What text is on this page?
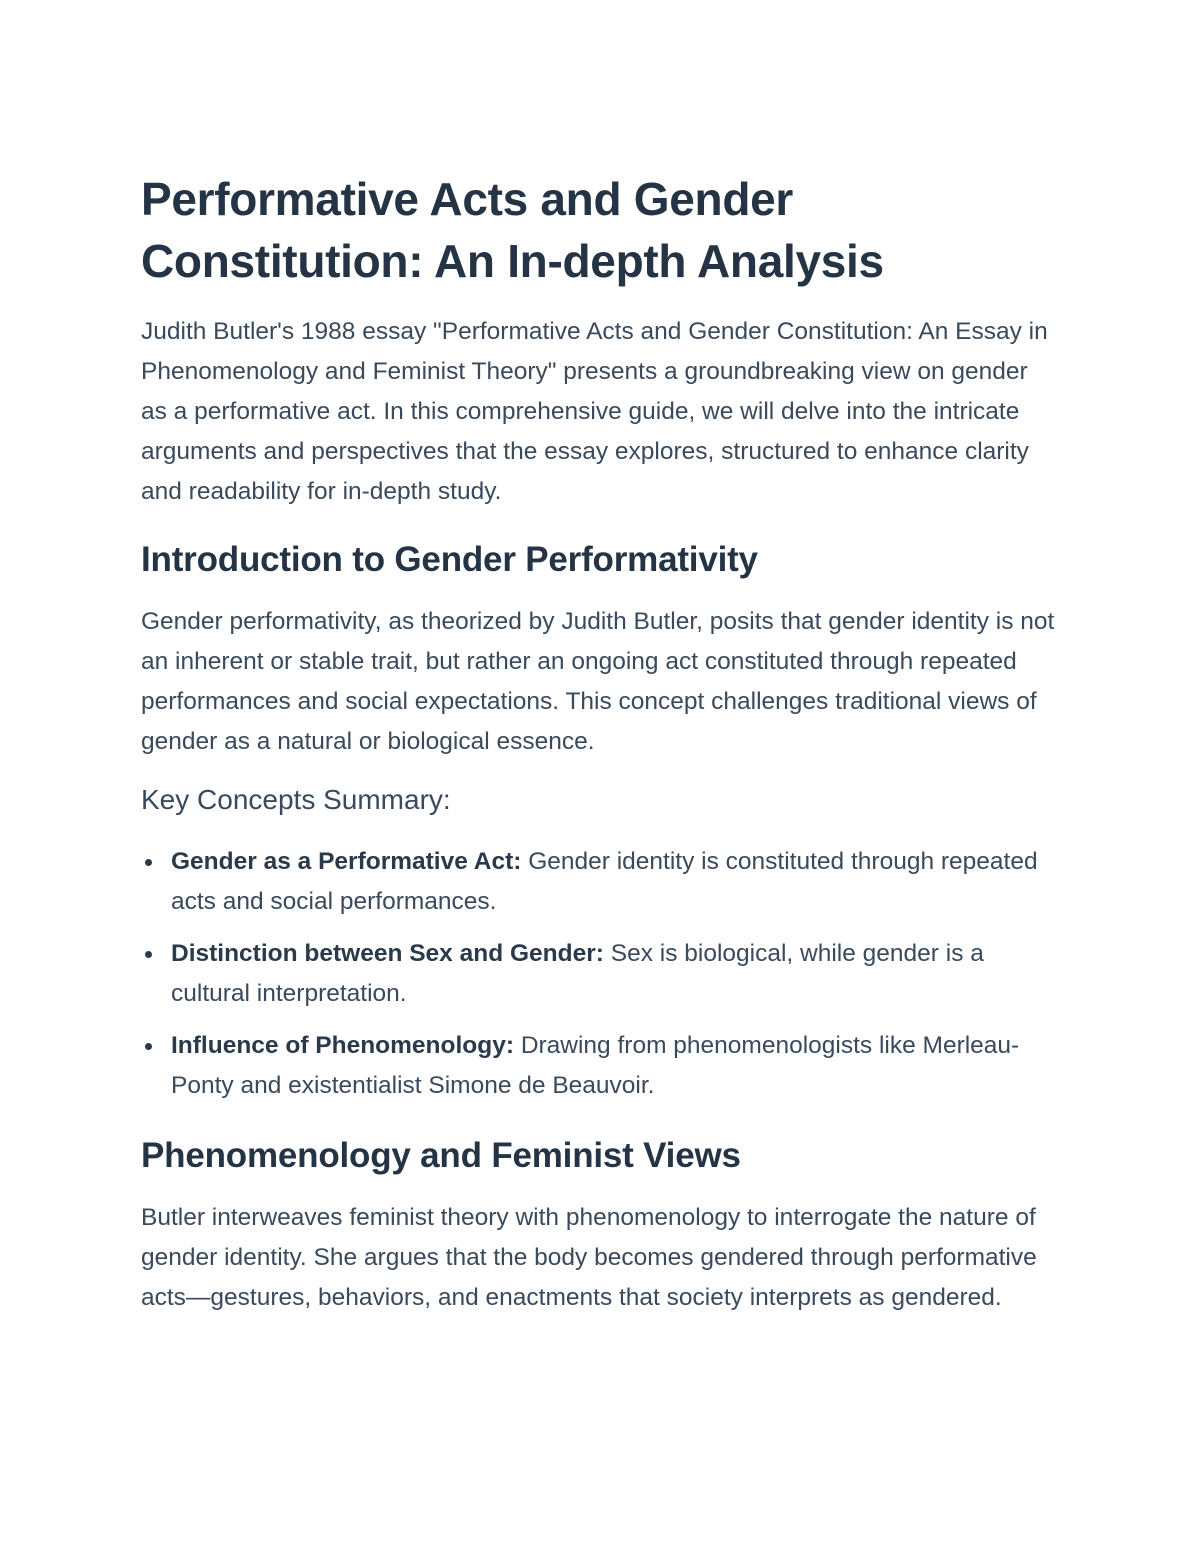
Performative Acts and Gender Constitution: An In-depth Analysis

Judith Butler's 1988 essay "Performative Acts and Gender Constitution: An Essay in Phenomenology and Feminist Theory" presents a groundbreaking view on gender as a performative act. In this comprehensive guide, we will delve into the intricate arguments and perspectives that the essay explores, structured to enhance clarity and readability for in-depth study.

Introduction to Gender Performativity

Gender performativity, as theorized by Judith Butler, posits that gender identity is not an inherent or stable trait, but rather an ongoing act constituted through repeated performances and social expectations. This concept challenges traditional views of gender as a natural or biological essence.

Key Concepts Summary:
Gender as a Performative Act: Gender identity is constituted through repeated acts and social performances.
Distinction between Sex and Gender: Sex is biological, while gender is a cultural interpretation.
Influence of Phenomenology: Drawing from phenomenologists like Merleau-Ponty and existentialist Simone de Beauvoir.
Phenomenology and Feminist Views

Butler interweaves feminist theory with phenomenology to interrogate the nature of gender identity. She argues that the body becomes gendered through performative acts—gestures, behaviors, and enactments that society interprets as gendered.
